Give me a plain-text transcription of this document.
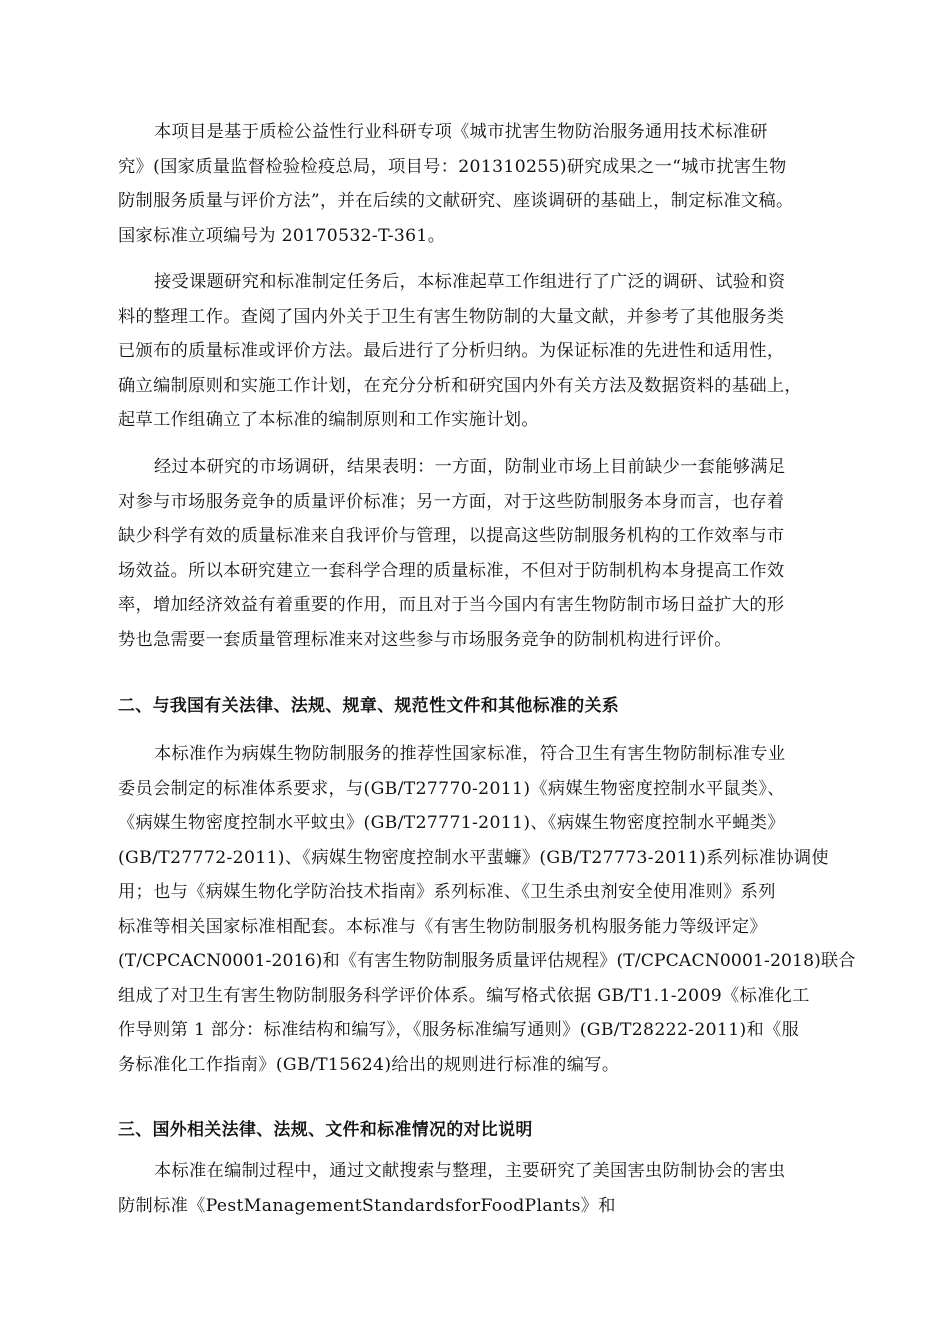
本项目是基于质检公益性行业科研专项《城市扰害生物防治服务通用技术标准研
究》(国家质量监督检验检疫总局，项目号：201310255)研究成果之一“城市扰害生物
防制服务质量与评价方法”，并在后续的文献研究、座谈调研的基础上，制定标准文稿。
国家标准立项编号为 20170532-T-361。
接受课题研究和标准制定任务后，本标准起草工作组进行了广泛的调研、试验和资
料的整理工作。查阅了国内外关于卫生有害生物防制的大量文献，并参考了其他服务类
已颁布的质量标准或评价方法。最后进行了分析归纳。为保证标准的先进性和适用性，
确立编制原则和实施工作计划，在充分分析和研究国内外有关方法及数据资料的基础上，
起草工作组确立了本标准的编制原则和工作实施计划。
经过本研究的市场调研，结果表明：一方面，防制业市场上目前缺少一套能够满足
对参与市场服务竞争的质量评价标准；另一方面，对于这些防制服务本身而言，也存着
缺少科学有效的质量标准来自我评价与管理，以提高这些防制服务机构的工作效率与市
场效益。所以本研究建立一套科学合理的质量标准，不但对于防制机构本身提高工作效
率，增加经济效益有着重要的作用，而且对于当今国内有害生物防制市场日益扩大的形
势也急需要一套质量管理标准来对这些参与市场服务竞争的防制机构进行评价。
二、与我国有关法律、法规、规章、规范性文件和其他标准的关系
本标准作为病媒生物防制服务的推荐性国家标准，符合卫生有害生物防制标准专业
委员会制定的标准体系要求，与(GB/T27770-2011)《病媒生物密度控制水平鼠类》、
《病媒生物密度控制水平蚊虫》(GB/T27771-2011)、《病媒生物密度控制水平蝇类》
(GB/T27772-2011)、《病媒生物密度控制水平蜚蠊》(GB/T27773-2011)系列标准协调使
用；也与《病媒生物化学防治技术指南》系列标准、《卫生杀虫剂安全使用准则》系列
标准等相关国家标准相配套。本标准与《有害生物防制服务机构服务能力等级评定》
(T/CPCACN0001-2016)和《有害生物防制服务质量评估规程》(T/CPCACN0001-2018)联合
组成了对卫生有害生物防制服务科学评价体系。编写格式依据 GB/T1.1-2009《标准化工
作导则第 1 部分：标准结构和编写》，《服务标准编写通则》(GB/T28222-2011)和《服
务标准化工作指南》(GB/T15624)给出的规则进行标准的编写。
三、国外相关法律、法规、文件和标准情况的对比说明
本标准在编制过程中，通过文献搜索与整理，主要研究了美国害虫防制协会的害虫
防制标准《PestManagementStandardsforFoodPlants》和
